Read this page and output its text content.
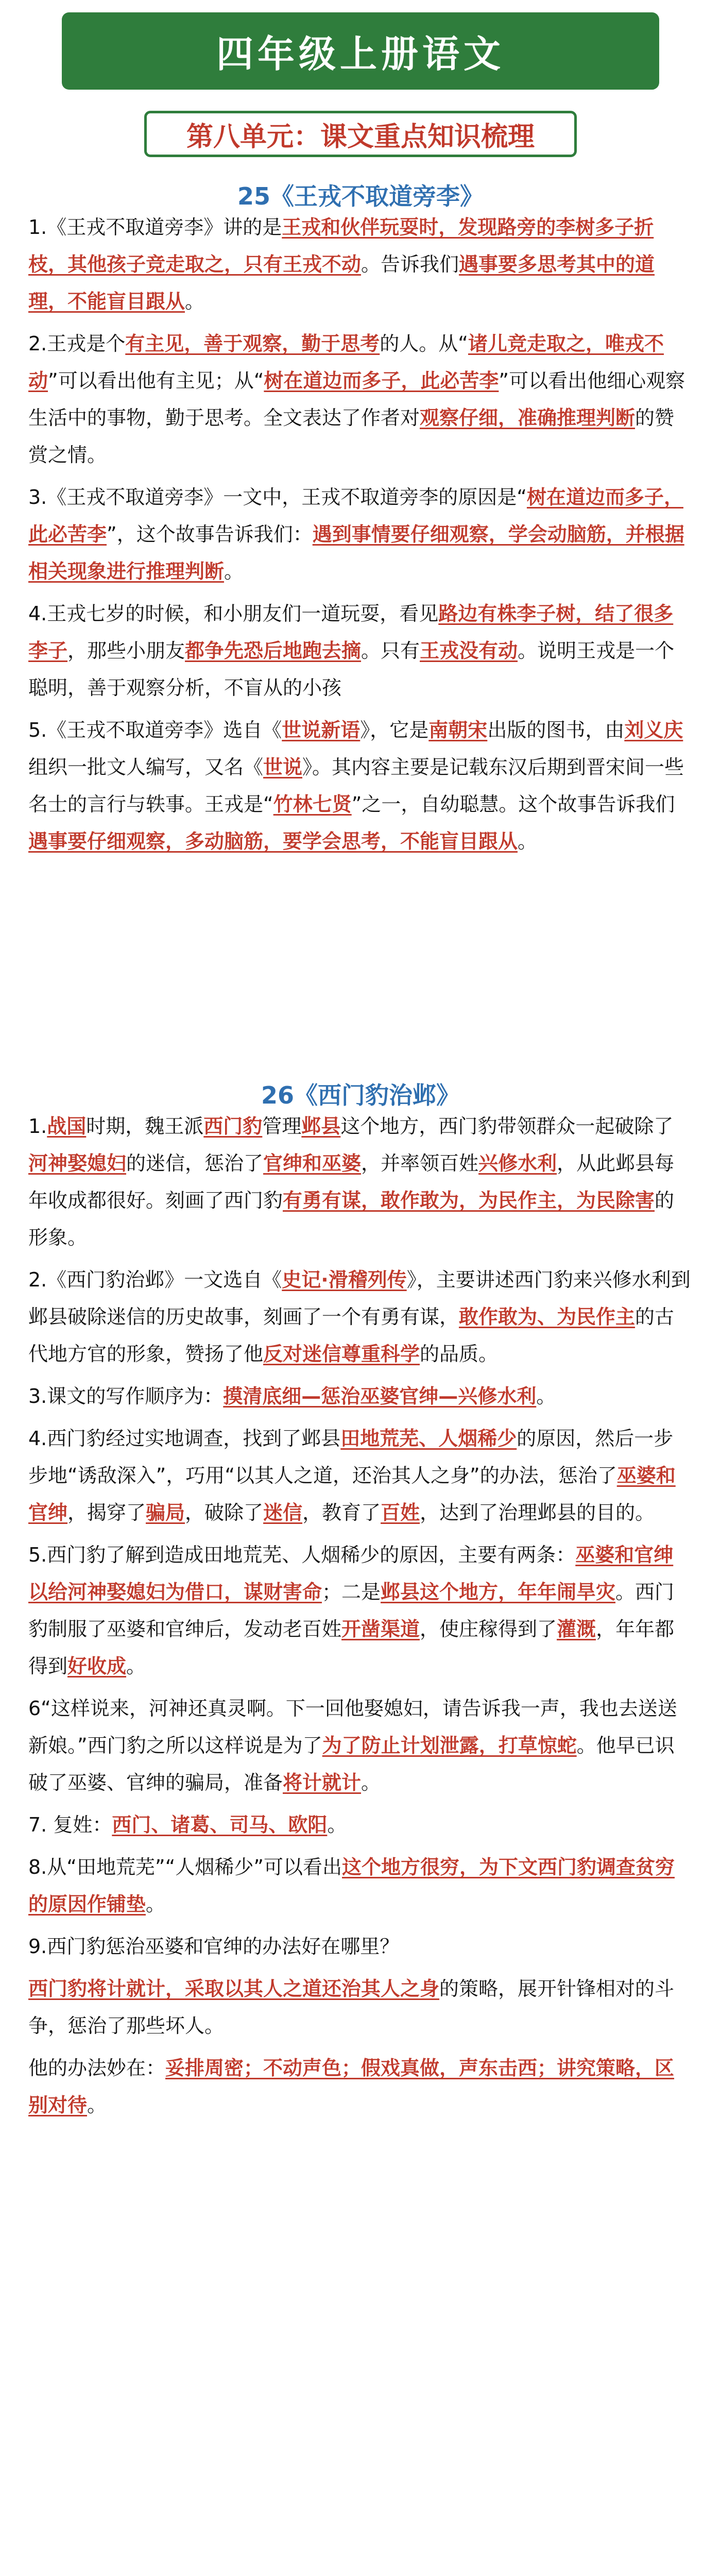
四年级上册语文
第八单元：课文重点知识梳理
25《王戎不取道旁李》

1.《王戎不取道旁李》讲的是王戎和伙伴玩耍时，发现路旁的李树多子折枝，其他孩子竞走取之，只有王戎不动。告诉我们遇事要多思考其中的道理，不能盲目跟从。

2.王戎是个有主见，善于观察，勤于思考的人。从“诸儿竞走取之，唯戎不动”可以看出他有主见；从“树在道边而多子，此必苦李”可以看出他细心观察生活中的事物，勤于思考。全文表达了作者对观察仔细，准确推理判断的赞赏之情。

3.《王戎不取道旁李》一文中，王戎不取道旁李的原因是“树在道边而多子，此必苦李”，这个故事告诉我们：遇到事情要仔细观察，学会动脑筋，并根据相关现象进行推理判断。

4.王戎七岁的时候，和小朋友们一道玩耍，看见路边有株李子树，结了很多李子，那些小朋友都争先恐后地跑去摘。只有王戎没有动。说明王戎是一个聪明，善于观察分析，不盲从的小孩

5.《王戎不取道旁李》选自《世说新语》，它是南朝宋出版的图书，由刘义庆组织一批文人编写，又名《世说》。其内容主要是记载东汉后期到晋宋间一些名士的言行与轶事。王戎是“竹林七贤”之一，自幼聪慧。这个故事告诉我们遇事要仔细观察，多动脑筋，要学会思考，不能盲目跟从。

26《西门豹治邺》

1.战国时期，魏王派西门豹管理邺县这个地方，西门豹带领群众一起破除了河神娶媳妇的迷信，惩治了官绅和巫婆，并率领百姓兴修水利，从此邺县每年收成都很好。刻画了西门豹有勇有谋，敢作敢为，为民作主，为民除害的形象。

2.《西门豹治邺》一文选自《史记·滑稽列传》，主要讲述西门豹来兴修水利到邺县破除迷信的历史故事，刻画了一个有勇有谋，敢作敢为、为民作主的古代地方官的形象，赞扬了他反对迷信尊重科学的品质。

3.课文的写作顺序为：摸清底细—惩治巫婆官绅—兴修水利。

4.西门豹经过实地调查，找到了邺县田地荒芜、人烟稀少的原因，然后一步步地“诱敌深入”，巧用“以其人之道，还治其人之身”的办法，惩治了巫婆和官绅，揭穿了骗局，破除了迷信，教育了百姓，达到了治理邺县的目的。

5.西门豹了解到造成田地荒芜、人烟稀少的原因，主要有两条：巫婆和官绅以给河神娶媳妇为借口，谋财害命；二是邺县这个地方，年年闹旱灾。西门豹制服了巫婆和官绅后，发动老百姓开凿渠道，使庄稼得到了灌溉，年年都得到好收成。

6“这样说来，河神还真灵啊。下一回他娶媳妇，请告诉我一声，我也去送送新娘。”西门豹之所以这样说是为了为了防止计划泄露，打草惊蛇。他早已识破了巫婆、官绅的骗局，准备将计就计。

7. 复姓：西门、诸葛、司马、欧阳。

8.从“田地荒芜”“人烟稀少”可以看出这个地方很穷，为下文西门豹调查贫穷的原因作铺垫。

9.西门豹惩治巫婆和官绅的办法好在哪里？

西门豹将计就计，采取以其人之道还治其人之身的策略，展开针锋相对的斗争，惩治了那些坏人。

他的办法妙在：妥排周密；不动声色；假戏真做，声东击西；讲究策略，区别对待。
